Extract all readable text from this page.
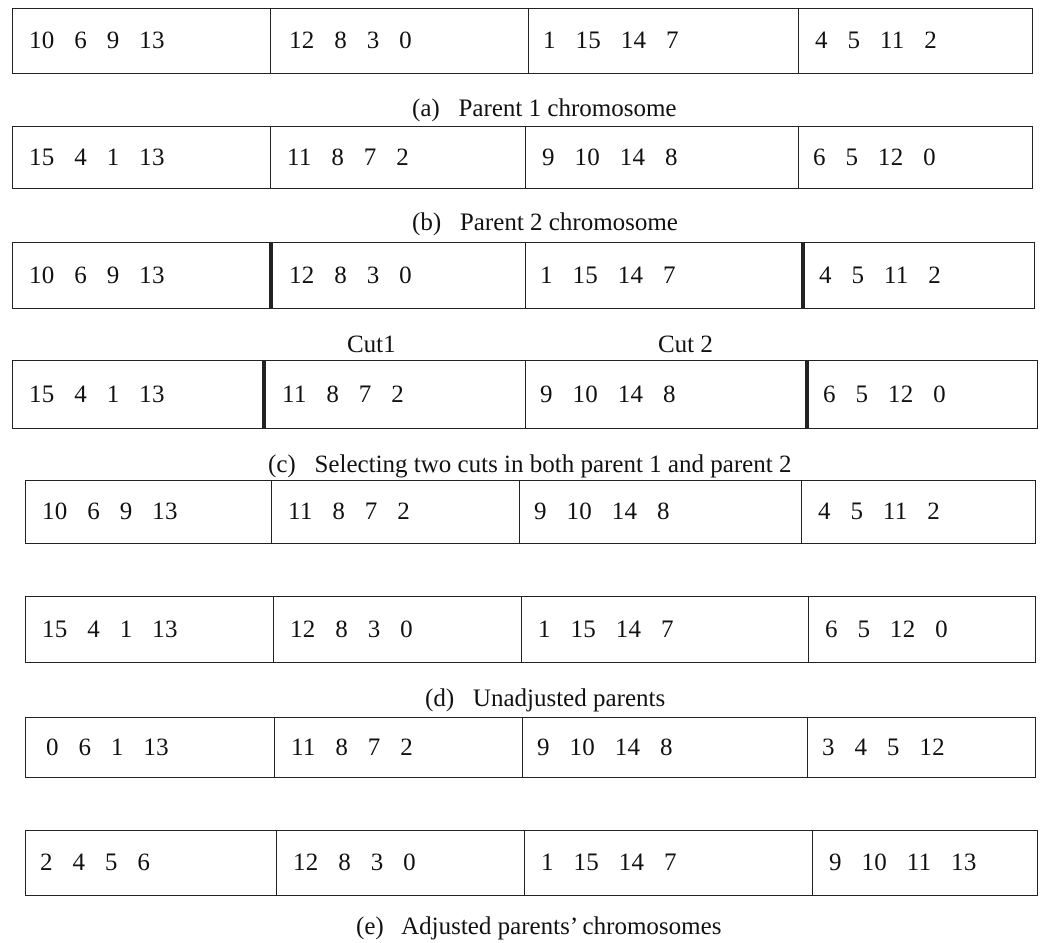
10   6   9   13	12   8   3   0	1   15   14   7	4   5   11   2
(a)   Parent 1 chromosome
15   4   1   13	11   8   7   2	9   10   14   8	6   5   12   0
(b)   Parent 2 chromosome
10   6   9   13	12   8   3   0	1   15   14   7	4   5   11   2
Cut1	Cut 2
15   4   1   13	11   8   7   2	9   10   14   8	6   5   12   0
(c)   Selecting two cuts in both parent 1 and parent 2
10   6   9   13	11   8   7   2	9   10   14   8	4   5   11   2
15   4   1   13	12   8   3   0	1   15   14   7	6   5   12   0
(d)   Unadjusted parents
0   6   1   13	11   8   7   2	9   10   14   8	3   4   5   12
2   4   5   6	12   8   3   0	1   15   14   7	9   10   11   13
(e)   Adjusted parents’ chromosomes
